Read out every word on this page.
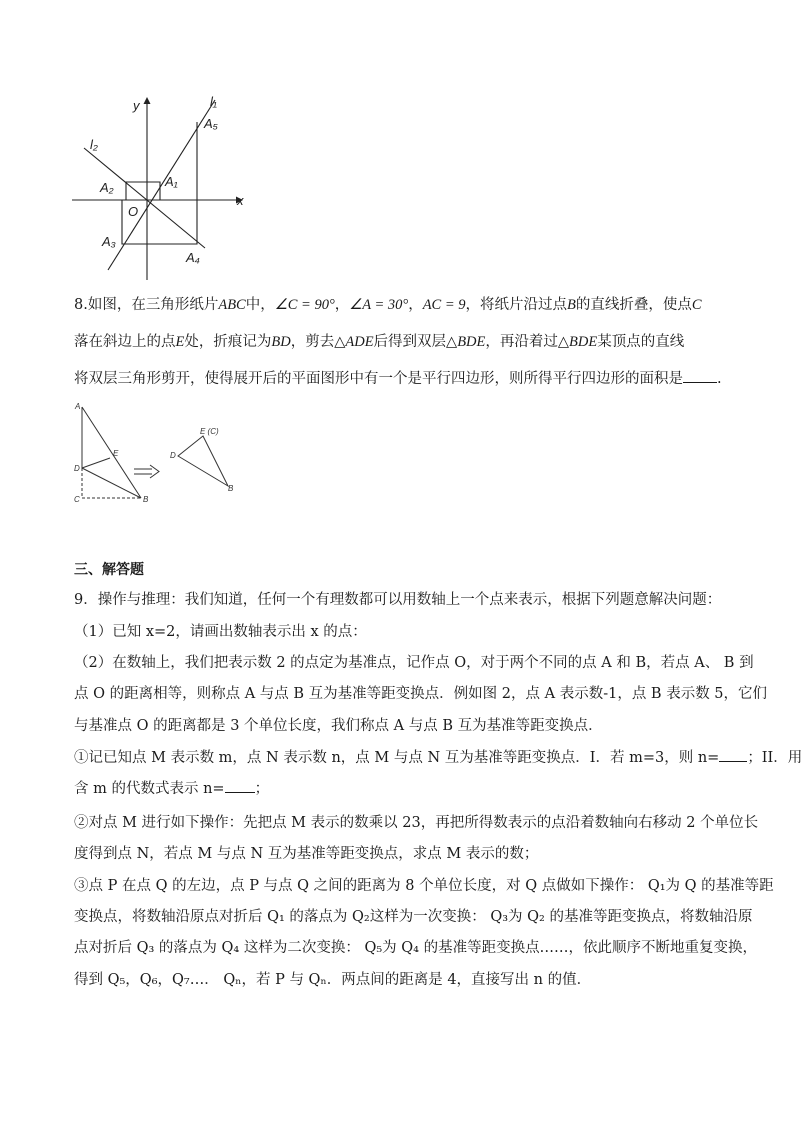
y
x
l₁
l₂
A₅
A₂	A₁
O
A₃
A₄
8.如图，在三角形纸片ABC中，∠C = 90°，∠A = 30°，AC = 9，将纸片沿过点B的直线折叠，使点C
落在斜边上的点E处，折痕记为BD，剪去△ADE后得到双层△BDE，再沿着过△BDE某顶点的直线
将双层三角形剪开，使得展开后的平面图形中有一个是平行四边形，则所得平行四边形的面积是 .
A
E
D
C	B
D
E (C)
B
三、解答题
9．操作与推理：我们知道，任何一个有理数都可以用数轴上一个点来表示，根据下列题意解决问题：
（1）已知 x=2，请画出数轴表示出 x 的点：
（2）在数轴上，我们把表示数 2 的点定为基准点，记作点 O，对于两个不同的点 A 和 B，若点 A、 B 到
点 O 的距离相等，则称点 A 与点 B 互为基准等距变换点．例如图 2，点 A 表示数-1，点 B 表示数 5，它们
与基准点 O 的距离都是 3 个单位长度，我们称点 A 与点 B 互为基准等距变换点．
①记已知点 M 表示数 m，点 N 表示数 n，点 M 与点 N 互为基准等距变换点．I．若 m=3，则 n= ；II．用
含 m 的代数式表示 n= ；
②对点 M 进行如下操作：先把点 M 表示的数乘以 23，再把所得数表示的点沿着数轴向右移动 2 个单位长
度得到点 N，若点 M 与点 N 互为基准等距变换点，求点 M 表示的数；
③点 P 在点 Q 的左边，点 P 与点 Q 之间的距离为 8 个单位长度，对 Q 点做如下操作： Q₁为 Q 的基准等距
变换点，将数轴沿原点对折后 Q₁ 的落点为 Q₂这样为一次变换： Q₃为 Q₂ 的基准等距变换点，将数轴沿原
点对折后 Q₃ 的落点为 Q₄ 这样为二次变换： Q₅为 Q₄ 的基准等距变换点……，依此顺序不断地重复变换，
得到 Q₅，Q₆，Q₇…． Qₙ，若 P 与 Qₙ．两点间的距离是 4，直接写出 n 的值．
